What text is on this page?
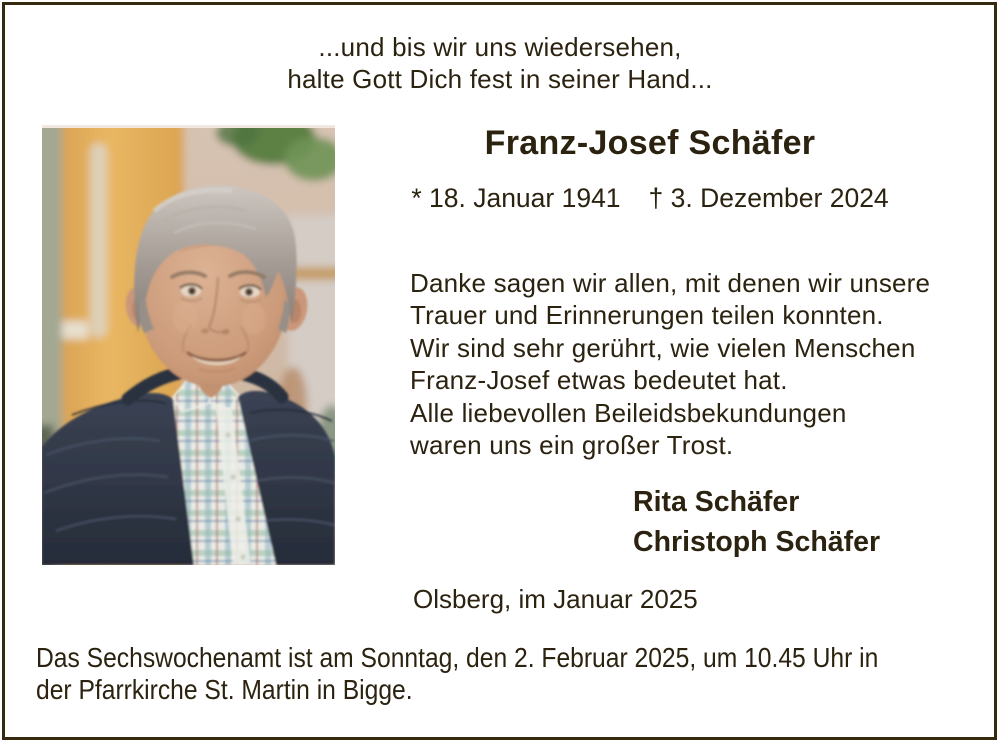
...und bis wir uns wiedersehen,
halte Gott Dich fest in seiner Hand...
Franz-Josef Schäfer
* 18. Januar 1941 † 3. Dezember 2024
Danke sagen wir allen, mit denen wir unsere
Trauer und Erinnerungen teilen konnten.
Wir sind sehr gerührt, wie vielen Menschen
Franz-Josef etwas bedeutet hat.
Alle liebevollen Beileidsbekundungen
waren uns ein großer Trost.
Rita Schäfer
Christoph Schäfer
Olsberg, im Januar 2025
Das Sechswochenamt ist am Sonntag, den 2. Februar 2025, um 10.45 Uhr in
der Pfarrkirche St. Martin in Bigge.
